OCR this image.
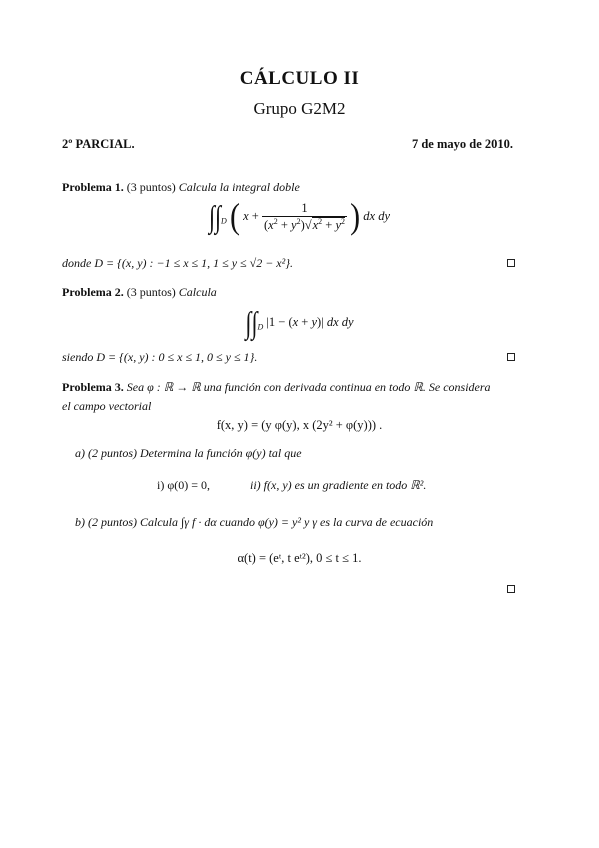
CÁLCULO II
Grupo G2M2
2º PARCIAL.	7 de mayo de 2010.
Problema 1. (3 puntos) Calcula la integral doble
$\int\int_D$ ( $x + \frac{1}{(x^2 + y^2)√x^2 + y^2}$ ) dx dy
donde D = {(x, y) : −1 ≤ x ≤ 1, 1 ≤ y ≤ √2 − x²}.
Problema 2. (3 puntos) Calcula
$\int\int_D$ |1 − (x + y)| dx dy
siendo D = {(x, y) : 0 ≤ x ≤ 1, 0 ≤ y ≤ 1}.
Problema 3. Sea φ : ℝ → ℝ una función con derivada continua en todo ℝ. Se considera
el campo vectorial
f(x, y) = (y φ(y), x (2y² + φ(y))) .
a) (2 puntos) Determina la función φ(y) tal que
i) φ(0) = 0,	ii) f(x, y) es un gradiente en todo ℝ².
b) (2 puntos) Calcula ∫γ f · dα cuando φ(y) = y² y γ es la curva de ecuación
α(t) = (eᵗ, t eᵗ²), 0 ≤ t ≤ 1.
